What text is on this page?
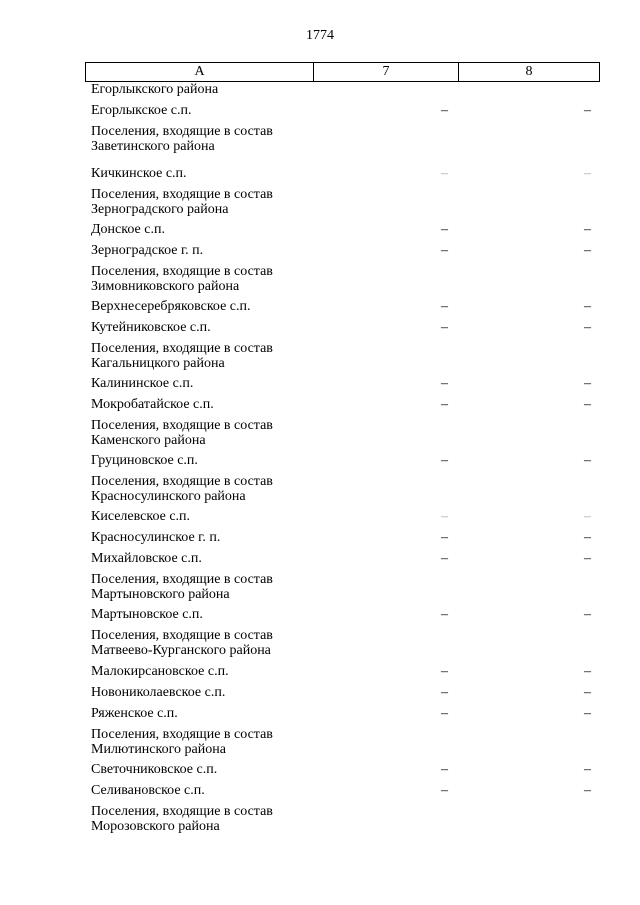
1774
А	7	8
Егорлыкского района
Егорлыкское с.п.	–	–
Поселения, входящие в состав
Заветинского района
Кичкинское с.п.	–	–
Поселения, входящие в состав
Зерноградского района
Донское с.п.	–	–
Зерноградское г. п.	–	–
Поселения, входящие в состав
Зимовниковского района
Верхнесеребряковское с.п.	–	–
Кутейниковское с.п.	–	–
Поселения, входящие в состав
Кагальницкого района
Калининское с.п.	–	–
Мокробатайское с.п.	–	–
Поселения, входящие в состав
Каменского района
Груциновское с.п.	–	–
Поселения, входящие в состав
Красносулинского района
Киселевское с.п.	–	–
Красносулинское г. п.	–	–
Михайловское с.п.	–	–
Поселения, входящие в состав
Мартыновского района
Мартыновское с.п.	–	–
Поселения, входящие в состав
Матвеево-Курганского района
Малокирсановское с.п.	–	–
Новониколаевское с.п.	–	–
Ряженское с.п.	–	–
Поселения, входящие в состав
Милютинского района
Светочниковское с.п.	–	–
Селивановское с.п.	–	–
Поселения, входящие в состав
Морозовского района
